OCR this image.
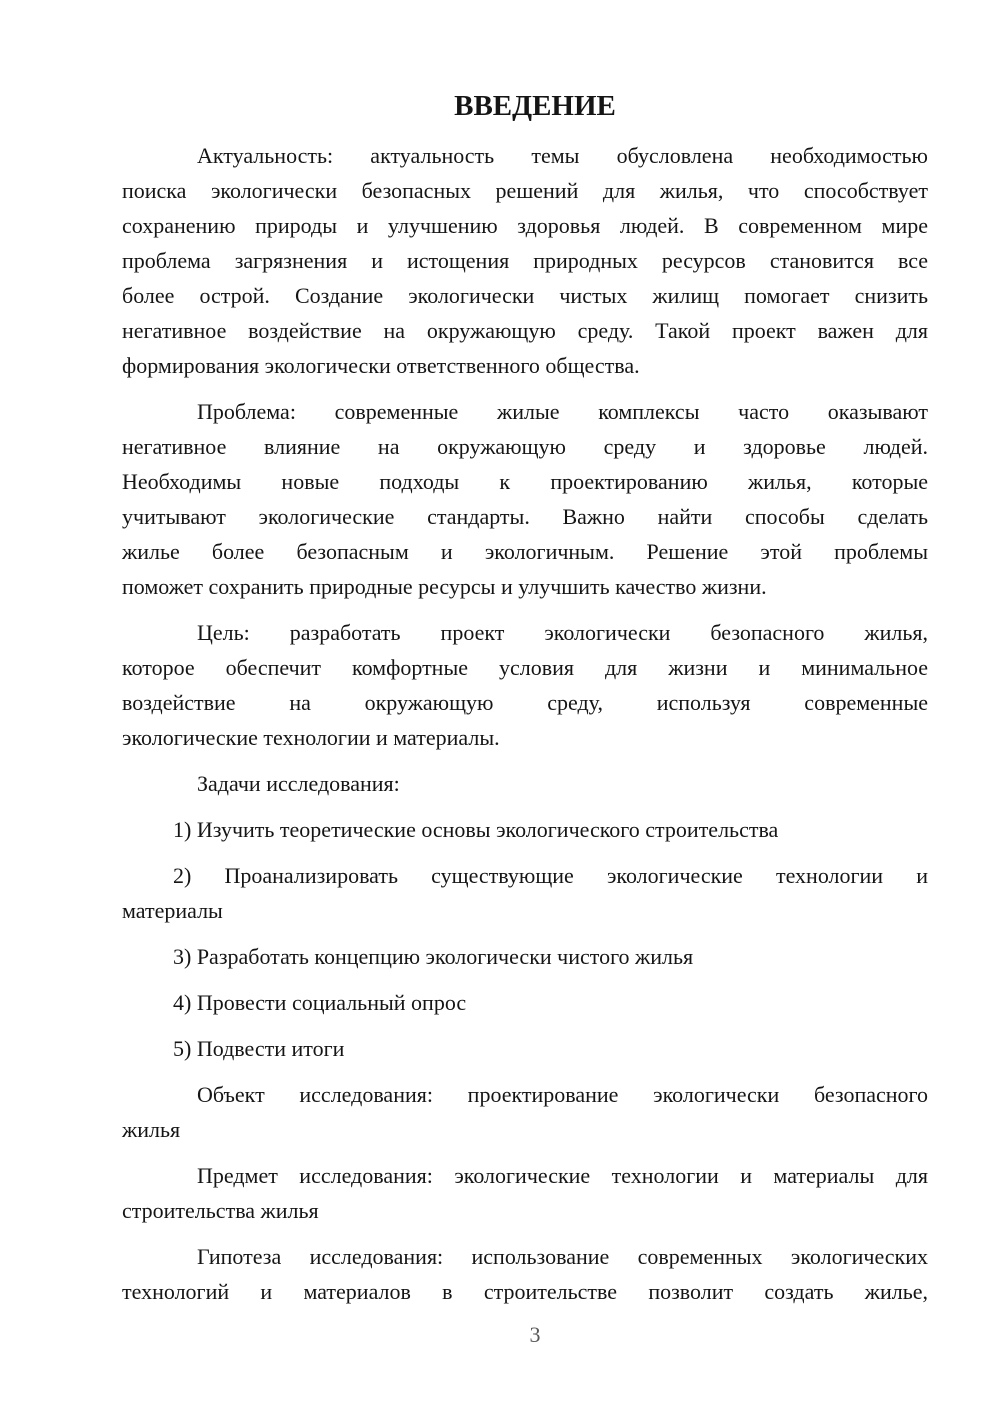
ВВЕДЕНИЕ

Актуальность: актуальность темы обусловлена необходимостью
поиска экологически безопасных решений для жилья, что способствует
сохранению природы и улучшению здоровья людей. В современном мире
проблема загрязнения и истощения природных ресурсов становится все
более острой. Создание экологически чистых жилищ помогает снизить
негативное воздействие на окружающую среду. Такой проект важен для
формирования экологически ответственного общества.

Проблема: современные жилые комплексы часто оказывают
негативное влияние на окружающую среду и здоровье людей.
Необходимы новые подходы к проектированию жилья, которые
учитывают экологические стандарты. Важно найти способы сделать
жилье более безопасным и экологичным. Решение этой проблемы
поможет сохранить природные ресурсы и улучшить качество жизни.

Цель: разработать проект экологически безопасного жилья,
которое обеспечит комфортные условия для жизни и минимальное
воздействие на окружающую среду, используя современные
экологические технологии и материалы.

Задачи исследования:

1) Изучить теоретические основы экологического строительства

2) Проанализировать существующие экологические технологии и
материалы

3) Разработать концепцию экологически чистого жилья

4) Провести социальный опрос

5) Подвести итоги

Объект исследования: проектирование экологически безопасного
жилья

Предмет исследования: экологические технологии и материалы для
строительства жилья

Гипотеза исследования: использование современных экологических
технологий и материалов в строительстве позволит создать жилье,

3
